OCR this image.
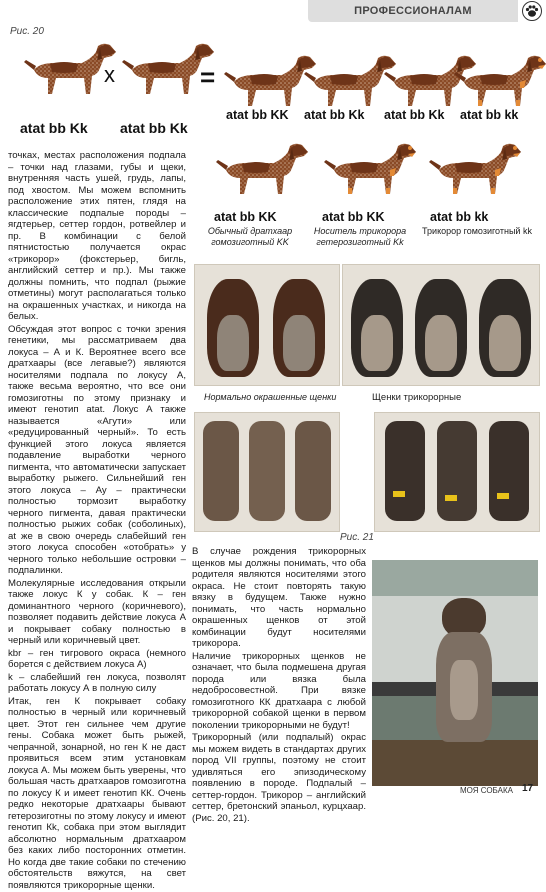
ПРОФЕССИОНАЛАМ
Рис. 20
x	=
atat bb Kk atat bb Kk
atat bb KK atat bb Kk atat bb Kk atat bb kk
atat bb KK	atat bb KK	atat bb kk
Обычный дратхаар гомозиготный KK
Носитель трикоpора гетерозиготный Kk
Трикоpор гомозиготный kk
Нормально окрашенные щенки	Щенки трикоpорные
Рис. 21

точках, местах расположения подпала – точки над глазами, губы и щеки, внутренняя часть ушей, грудь, лапы, под хвостом. Мы можем вспомнить расположение этих пятен, глядя на классические подпалые породы – ягдтерьер, сеттер гордон, ротвейлер и пр. В комбинации с белой пятнистостью получается окрас «трикоpор» (фокстерьер, бигль, английский сеттер и пр.). Мы также должны помнить, что подпал (рыжие отметины) могут располагаться только на окрашенных участках, и никогда на белых.

Обсуждая этот вопрос с точки зрения генетики, мы рассматриваем два локуса – А и К. Вероятнее всего все дратхаары (все легавые?) являются носителями подпала по локусу А, также весьма вероятно, что все они гомозиготны по этому признаку и имеют генотип atat. Локус А также называется «Агути» или «редуцированный черный». То есть функцией этого локуса является подавление выработки черного пигмента, что автоматически запускает выработку рыжего. Сильнейший ген этого локуса – Ay – практически полностью тормозит выработку черного пигмента, давая практически полностью рыжих собак (соболиных), at же в свою очередь слабейший ген этого локуса способен «отобрать» у черного только небольшие островки – подпалинки.

Молекулярные исследования открыли также локус К у собак. К – ген доминантного черного (коричневого), позволяет подавить действие локуса А и покрывает собаку полностью в черный или коричневый цвет.

kbr – ген тигрового окраса (немного борется с действием локуса А)

k – слабейший ген локуса, позволят работать локусу А в полную силу

Итак, ген К покрывает собаку полностью в черный или коричневый цвет. Этот ген сильнее чем другие гены. Собака может быть рыжей, чепрачной, зонарной, но ген К не даст проявиться всем этим установкам локуса А. Мы можем быть уверены, что большая часть дратхааров гомозиготна по локусу К и имеет генотип КК. Очень редко некоторые дратхаары бывают гетерозиготны по этому локусу и имеют генотип Кk, собака при этом выглядит абсолютно нормальным дратхааром без каких либо посторонних отметин. Но когда две такие собаки по стечению обстоятельств вяжутся, на свет появляются трикоpорные щенки.

В случае рождения трикоpорных щенков мы должны понимать, что оба родителя являются носителями этого окраса. Не стоит повторять такую вязку в будущем. Также нужно понимать, что часть нормально окрашенных щенков от этой комбинации будут носителями трикоpора.

Наличие трикоpорных щенков не означает, что была подмешена другая порода или вязка была недобросовестной. При вязке гомозиготного КК дратхаара с любой трикоpорной собакой щенки в первом поколении трикоpорными не будут!

Трикоpорный (или подпалый) окрас мы можем видеть в стандартах других пород VII группы, поэтому не стоит удивляться его эпизодическому появлению в породе. Подпалый – сеттер-гордон. Трикоpор – английский сеттер, бретонский эпаньол, курцхаар. (Рис. 20, 21).

МОЯ СОБАКА 17
